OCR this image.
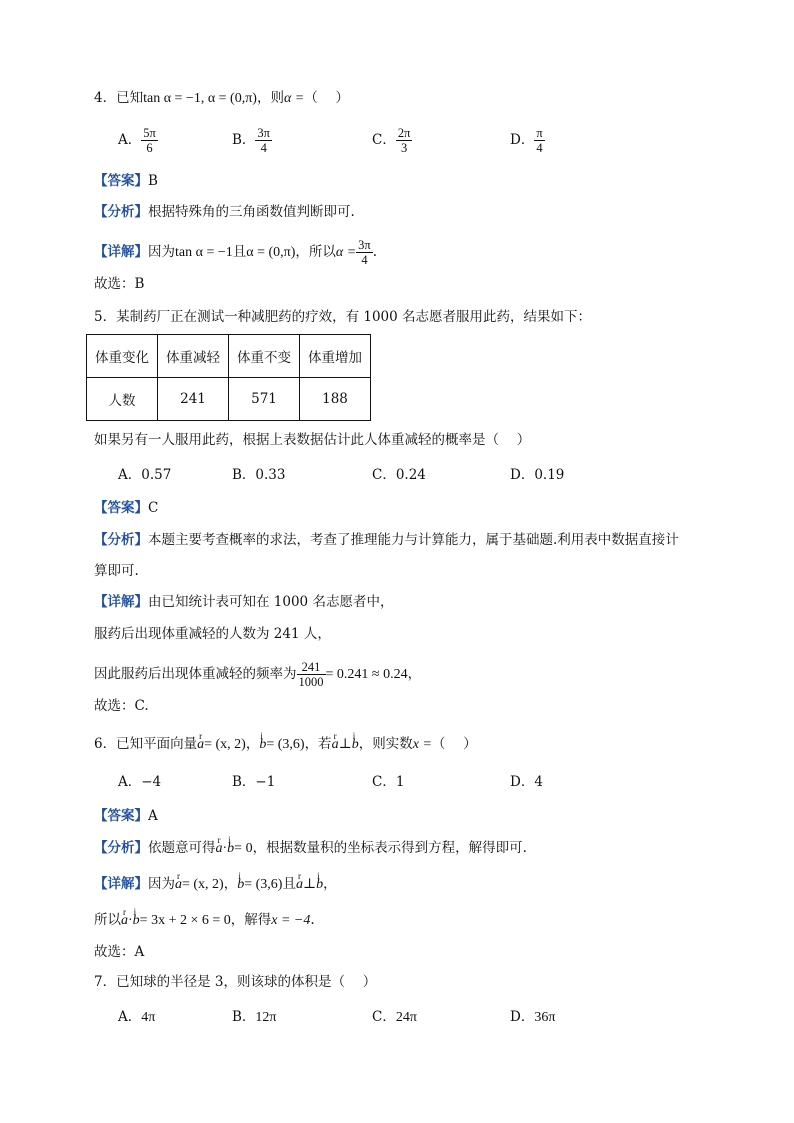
4．已知tan α = −1, α = (0,π)，则α =（　 ）
A． $\frac{5\pi}{6}$	B． $\frac{3\pi}{4}$	C． $\frac{2\pi}{3}$	D． $\frac{\pi}{4}$
【答案】B
【分析】根据特殊角的三角函数值判断即可.
【详解】因为tan α = −1且α = (0,π)，所以$\alpha = \frac{3\pi}{4}$ .
故选：B
5．某制药厂正在测试一种减肥药的疗效，有 1000 名志愿者服用此药，结果如下：
体重变化	体重减轻	体重不变	体重增加
人数	241	571	188
如果另有一人服用此药，根据上表数据估计此人体重减轻的概率是（　 ）
A．0.57	B．0.33	C．0.24	D．0.19
【答案】C
【分析】本题主要考查概率的求法，考查了推理能力与计算能力，属于基础题.利用表中数据直接计
算即可.
【详解】由已知统计表可知在 1000 名志愿者中，
服药后出现体重减轻的人数为 241 人，
因此服药后出现体重减轻的频率为 $\frac{241}{1000} = 0.241 \approx 0.24$，
故选：C.
6．已知平面向量r a= (x, 2)，i b= (3,6)，若r a⊥i b，则实数x =（　 ）
A．−4	B．−1	C．1	D．4
【答案】A
【分析】依题意可得r a·i b= 0，根据数量积的坐标表示得到方程，解得即可.
【详解】因为r a= (x, 2)，i b= (3,6)且r a⊥i b，
所以r a·i b= 3x + 2 × 6 = 0，解得x = −4.
故选：A
7．已知球的半径是 3，则该球的体积是（　 ）
A．4π	B．12π	C．24π	D．36π
